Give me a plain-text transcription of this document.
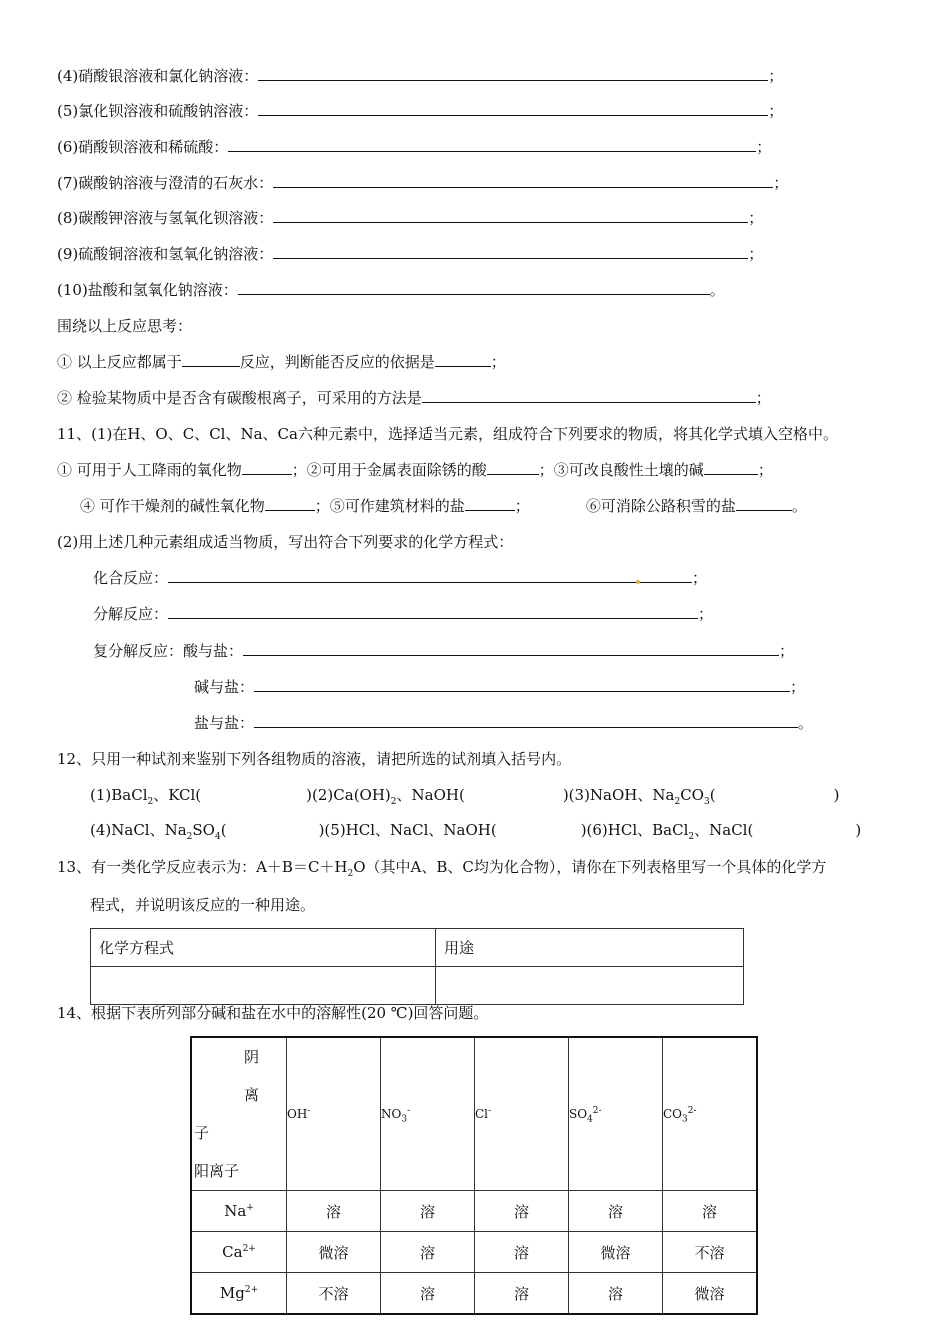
(4)硝酸银溶液和氯化钠溶液：	；
(5)氯化钡溶液和硫酸钠溶液：	；
(6)硝酸钡溶液和稀硫酸：	；
(7)碳酸钠溶液与澄清的石灰水：	；
(8)碳酸钾溶液与氢氧化钡溶液：	；
(9)硫酸铜溶液和氢氧化钠溶液：	；
(10)盐酸和氢氧化钠溶液：	。
围绕以上反应思考：
① 以上反应都属于	反应，判断能否反应的依据是	；
② 检验某物质中是否含有碳酸根离子，可采用的方法是	；
11、(1)在H、O、C、Cl、Na、Ca六种元素中，选择适当元素，组成符合下列要求的物质，将其化学式填入空格中。
① 可用于人工降雨的氧化物	；②可用于金属表面除锈的酸	；③可改良酸性土壤的碱	；
④ 可作干燥剂的碱性氧化物	；⑤可作建筑材料的盐	；	⑥可消除公路积雪的盐	。
(2)用上述几种元素组成适当物质，写出符合下列要求的化学方程式：
化合反应：	；
分解反应：	；
复分解反应：酸与盐：	；
碱与盐：	；
盐与盐：	。
12、只用一种试剂来鉴别下列各组物质的溶液，请把所选的试剂填入括号内。
(1)BaCl$_2$、KCl(	)$(2)Ca(OH)_2$、NaOH(	)(3)NaOH、$Na_2CO_3$(	)
(4)NaCl、$Na_2SO_4$(	)(5)HCl、NaCl、NaOH(	)(6)HCl、BaCl$_2$、NaCl(	)
13、有一类化学反应表示为：$A+B=C+H_2O$（其中A、B、C均为化合物），请你在下列表格里写一个具体的化学方
程式，并说明该反应的一种用途。
化学方程式	用途

14、根据下表所列部分碱和盐在水中的溶解性(20 ℃)回答问题。
阴　离
子
阳离子	OH-	$NO_3^-$	Cl-	$SO_4^{2-}$	$CO_3^{2-}$
Na+	溶	溶	溶	溶	溶
$Ca^{2+}$	微溶	溶	溶	微溶	不溶
$Mg^{2+}$	不溶	溶	溶	溶	微溶
